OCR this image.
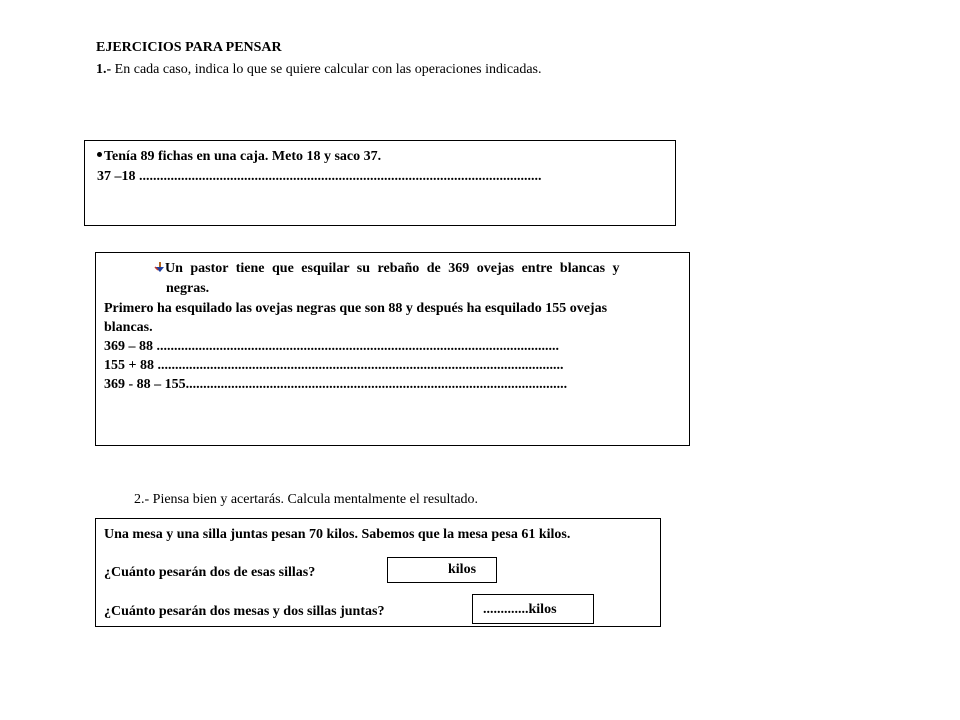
EJERCICIOS PARA PENSAR
1.- En cada caso, indica lo que se quiere calcular con las operaciones indicadas.
Tenía 89 fichas en una caja. Meto 18 y saco 37.
37 –18 ...................................................................................................................
Un pastor tiene que esquilar su rebaño de 369 ovejas entre blancas y
negras.
Primero ha esquilado las ovejas negras que son 88 y después ha esquilado 155 ovejas
blancas.
369 – 88 ...................................................................................................................
155 + 88 ....................................................................................................................
369 - 88 – 155.............................................................................................................
2.- Piensa bien y acertarás. Calcula mentalmente el resultado.
Una mesa y una silla juntas pesan 70 kilos. Sabemos que la mesa pesa 61 kilos.
¿Cuánto pesarán dos de esas sillas?
¿Cuánto pesarán dos mesas y dos sillas juntas?
kilos
.............kilos
